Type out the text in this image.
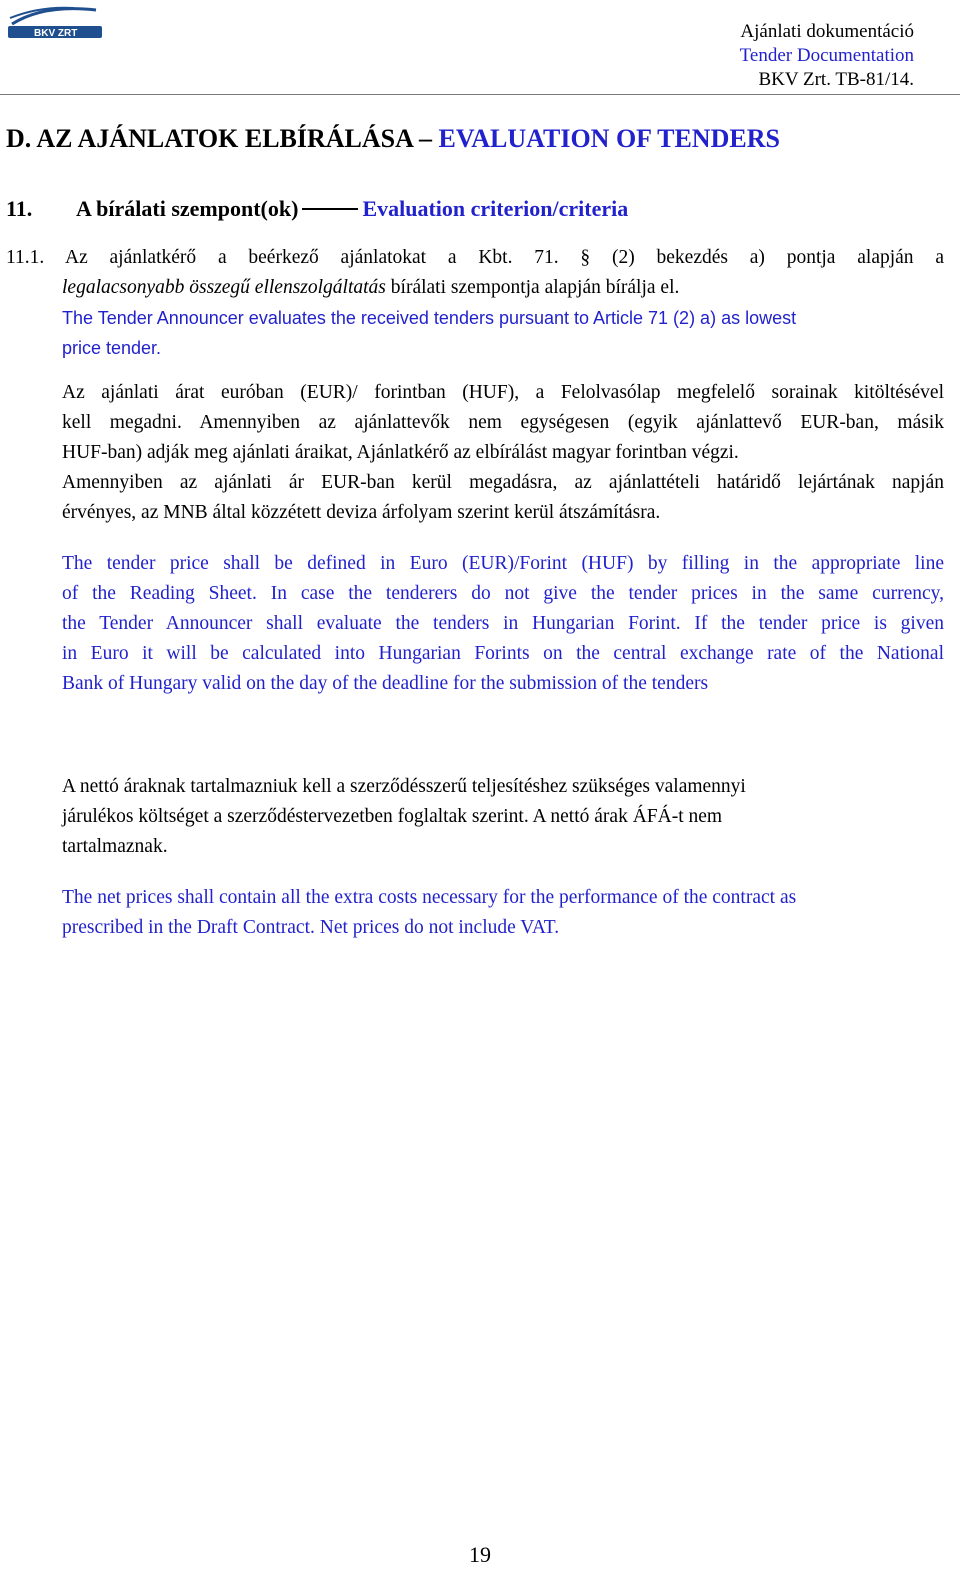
BKV ZRT	Ajánlati dokumentáció
Tender Documentation
BKV Zrt. TB-81/14.
D. AZ AJÁNLATOK ELBÍRÁLÁSA – EVALUATION OF TENDERS
11. A bírálati szempont(ok)	Evaluation criterion/criteria
11.1. Az ajánlatkérő a beérkező ajánlatokat a Kbt. 71. § (2) bekezdés a) pontja alapján a
legalacsonyabb összegű ellenszolgáltatás bírálati szempontja alapján bírálja el.
The Tender Announcer evaluates the received tenders pursuant to Article 71 (2) a) as lowest
price tender.
Az ajánlati árat euróban (EUR)/ forintban (HUF), a Felolvasólap megfelelő sorainak kitöltésével
kell megadni. Amennyiben az ajánlattevők nem egységesen (egyik ajánlattevő EUR-ban, másik
HUF-ban) adják meg ajánlati áraikat, Ajánlatkérő az elbírálást magyar forintban végzi.
Amennyiben az ajánlati ár EUR-ban kerül megadásra, az ajánlattételi határidő lejártának napján
érvényes, az MNB által közzétett deviza árfolyam szerint kerül átszámításra.
The tender price shall be defined in Euro (EUR)/Forint (HUF) by filling in the appropriate line
of the Reading Sheet. In case the tenderers do not give the tender prices in the same currency,
the Tender Announcer shall evaluate the tenders in Hungarian Forint. If the tender price is given
in Euro it will be calculated into Hungarian Forints on the central exchange rate of the National
Bank of Hungary valid on the day of the deadline for the submission of the tenders
A nettó áraknak tartalmazniuk kell a szerződésszerű teljesítéshez szükséges valamennyi
járulékos költséget a szerződéstervezetben foglaltak szerint. A nettó árak ÁFÁ-t nem
tartalmaznak.
The net prices shall contain all the extra costs necessary for the performance of the contract as
prescribed in the Draft Contract. Net prices do not include VAT.
19
